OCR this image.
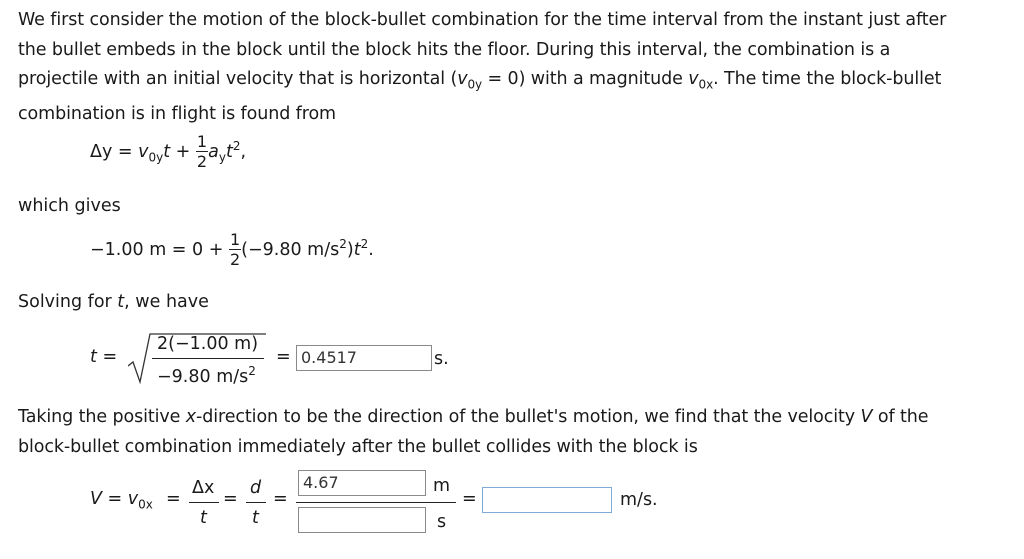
We first consider the motion of the block-bullet combination for the time interval from the instant just after
the bullet embeds in the block until the block hits the floor. During this interval, the combination is a
projectile with an initial velocity that is horizontal $(v_{0y} = 0)$ with a magnitude $v_{0x}$. The time the block-bullet
combination is in flight is found from
$\Delta y = v_{0y}t + \frac{1}{2} a_yt^2$,
which gives
−1.00 $m = 0 + \frac{1}{2} (-9.80$ $m/s^2)t^2$.
Solving for t, we have
t =
2(−1.00 m)
−9.80 $m/s^2$
= 0.4517	s.
Taking the positive x-direction to be the direction of the bullet's motion, we find that the velocity V of the
block-bullet combination immediately after the bullet collides with the block is
$V = v_{0x}$ =
Δx
t
=
d
t
=
4.67	m
s
=	m/s.
